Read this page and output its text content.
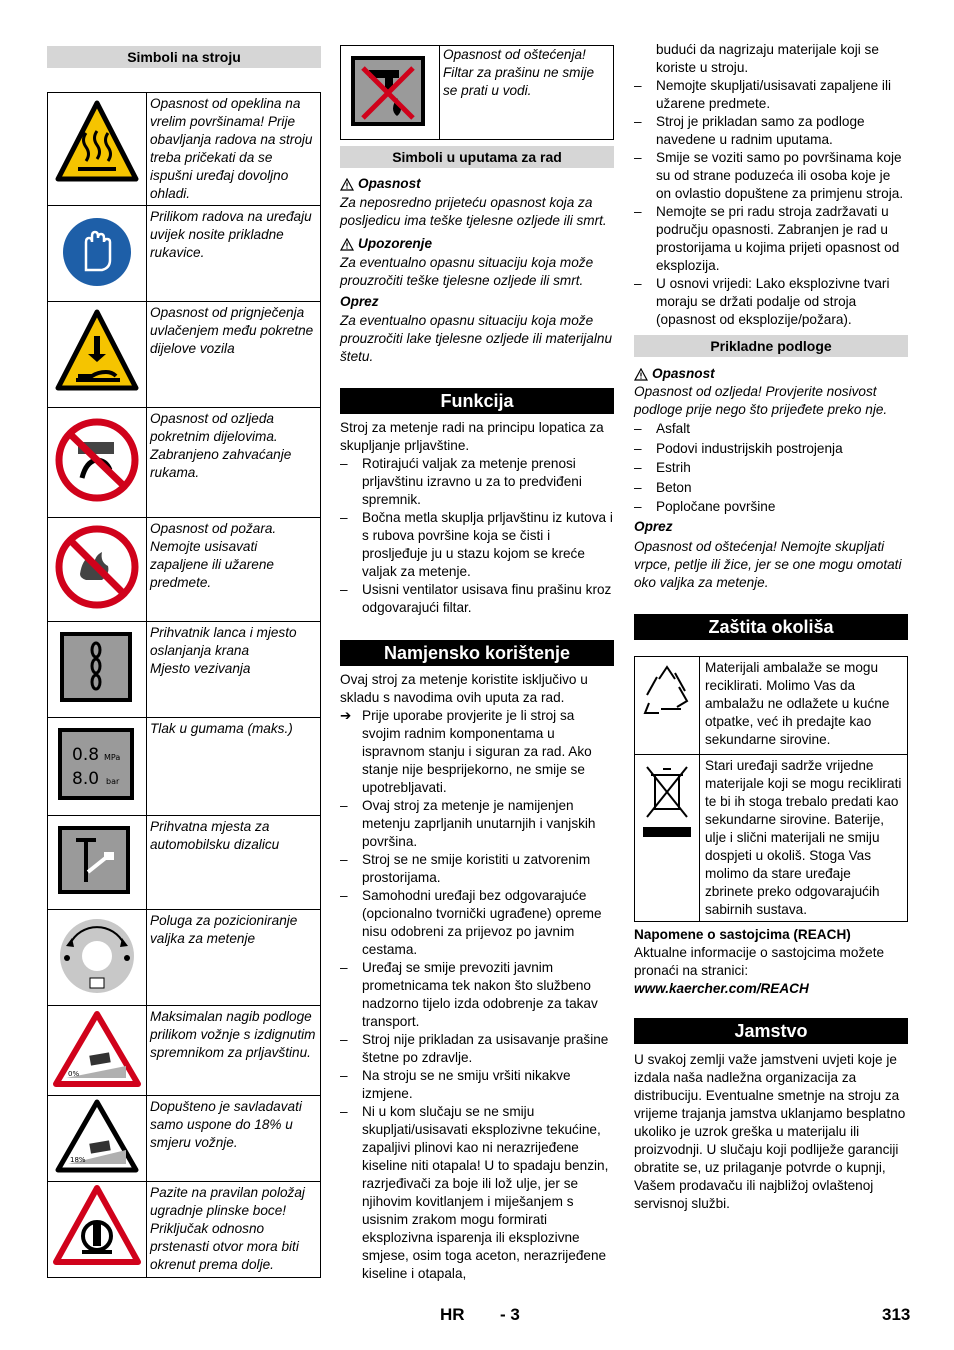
Simboli na stroju
	Opasnost od opeklina na vrelim površinama! Prije obavljanja radova na stroju treba pričekati da se ispušni uređaj dovoljno ohladi.
	Prilikom radova na uređaju uvijek nosite prikladne rukavice.
	Opasnost od prignječenja uvlačenjem među pokretne dijelove vozila
	Opasnost od ozljeda pokretnim dijelovima. Zabranjeno zahvaćanje rukama.
	Opasnost od požara. Nemojte usisavati zapaljene ili užarene predmete.
	Prihvatnik lanca i mjesto oslanjanja krana
Mjesto vezivanja

0.8 MPa
8.0 bar	Tlak u gumama (maks.)
	Prihvatna mjesta za automobilsku dizalicu
	Poluga za pozicioniranje valjka za metenje

0%	Maksimalan nagib podloge prilikom vožnje s izdignutim spremnikom za prljavštinu.

18%	Dopušteno je savladavati samo uspone do 18% u smjeru vožnje.
	Pazite na pravilan položaj ugradnje plinske boce! Priključak odnosno prstenasti otvor mora biti okrenut prema dolje.
	Opasnost od oštećenja! Filtar za prašinu ne smije se prati u vodi.
Simboli u uputama za rad
Opasnost

Za neposredno prijeteću opasnost koja za posljedicu ima teške tjelesne ozljede ili smrt.

Upozorenje

Za eventualno opasnu situaciju koja može prouzročiti teške tjelesne ozljede ili smrt.

Oprez

Za eventualno opasnu situaciju koja može prouzročiti lake tjelesne ozljede ili materijalnu štetu.

Funkcija

Stroj za metenje radi na principu lopatica za skupljanje prljavštine.

–	Rotirajući valjak za metenje prenosi prljavštinu izravno u za to predviđeni spremnik.
–	Bočna metla skuplja prljavštinu iz kutova i s rubova površine koja se čisti i prosljeđuje ju u stazu kojom se kreće valjak za metenje.
–	Usisni ventilator usisava finu prašinu kroz odgovarajući filtar.
Namjensko korištenje

Ovaj stroj za metenje koristite isključivo u skladu s navodima ovih uputa za rad.

➔ Prije uporabe provjerite je li stroj sa svojim radnim komponentama u ispravnom stanju i siguran za rad. Ako stanje nije besprijekorno, ne smije se upotrebljavati.
–	Ovaj stroj za metenje je namijenjen metenju zaprljanih unutarnjih i vanjskih površina.
–	Stroj se ne smije koristiti u zatvorenim prostorijama.
–	Samohodni uređaji bez odgovarajuće (opcionalno tvornički ugrađene) opreme nisu odobreni za prijevoz po javnim cestama.
–	Uređaj se smije prevoziti javnim prometnicama tek nakon što službeno nadzorno tijelo izda odobrenje za takav transport.
–	Stroj nije prikladan za usisavanje prašine štetne po zdravlje.
–	Na stroju se ne smiju vršiti nikakve izmjene.
–	Ni u kom slučaju se ne smiju skupljati/usisavati eksplozivne tekućine, zapaljivi plinovi kao ni nerazrijeđene kiseline niti otapala! U to spadaju benzin, razrjeđivači za boje ili lož ulje, jer se njihovim kovitlanjem i miješanjem s usisnim zrakom mogu formirati eksplozivna isparenja ili eksplozivne smjese, osim toga aceton, nerazrijeđene kiseline i otapala,
budući da nagrizaju materijale koji se koriste u stroju.
–	Nemojte skupljati/usisavati zapaljene ili užarene predmete.
–	Stroj je prikladan samo za podloge navedene u radnim uputama.
–	Smije se voziti samo po površinama koje su od strane poduzeća ili osoba koje je on ovlastio dopuštene za primjenu stroja.
–	Nemojte se pri radu stroja zadržavati u području opasnosti. Zabranjen je rad u prostorijama u kojima prijeti opasnost od eksplozija.
–	U osnovi vrijedi: Lako eksplozivne tvari moraju se držati podalje od stroja (opasnost od eksplozije/požara).
Prikladne podloge
Opasnost

Opasnost od ozljeda! Provjerite nosivost podloge prije nego što prijeđete preko nje.

–	Asfalt
–	Podovi industrijskih postrojenja
–	Estrih
–	Beton
–	Popločane površine

Oprez

Opasnost od oštećenja! Nemojte skupljati vrpce, petlje ili žice, jer se one mogu omotati oko valjka za metenje.

Zaštita okoliša
	Materijali ambalaže se mogu reciklirati. Molimo Vas da ambalažu ne odlažete u kućne otpatke, već ih predajte kao sekundarne sirovine.
	Stari uređaji sadrže vrijedne materijale koji se mogu reciklirati te bi ih stoga trebalo predati kao sekundarne sirovine. Baterije, ulje i slični materijali ne smiju dospjeti u okoliš. Stoga Vas molimo da stare uređaje zbrinete preko odgovarajućih sabirnih sustava.

Napomene o sastojcima (REACH)

Aktualne informacije o sastojcima možete pronaći na stranici:

www.kaercher.com/REACH

Jamstvo

U svakoj zemlji važe jamstveni uvjeti koje je izdala naša nadležna organizacija za distribuciju. Eventualne smetnje na stroju za vrijeme trajanja jamstva uklanjamo besplatno ukoliko je uzrok greška u materijalu ili proizvodnji. U slučaju koji podliježe garanciji obratite se, uz prilaganje potvrde o kupnji, Vašem prodavaču ili najbližoj ovlaštenoj servisnoj službi.

HR - 3	313
